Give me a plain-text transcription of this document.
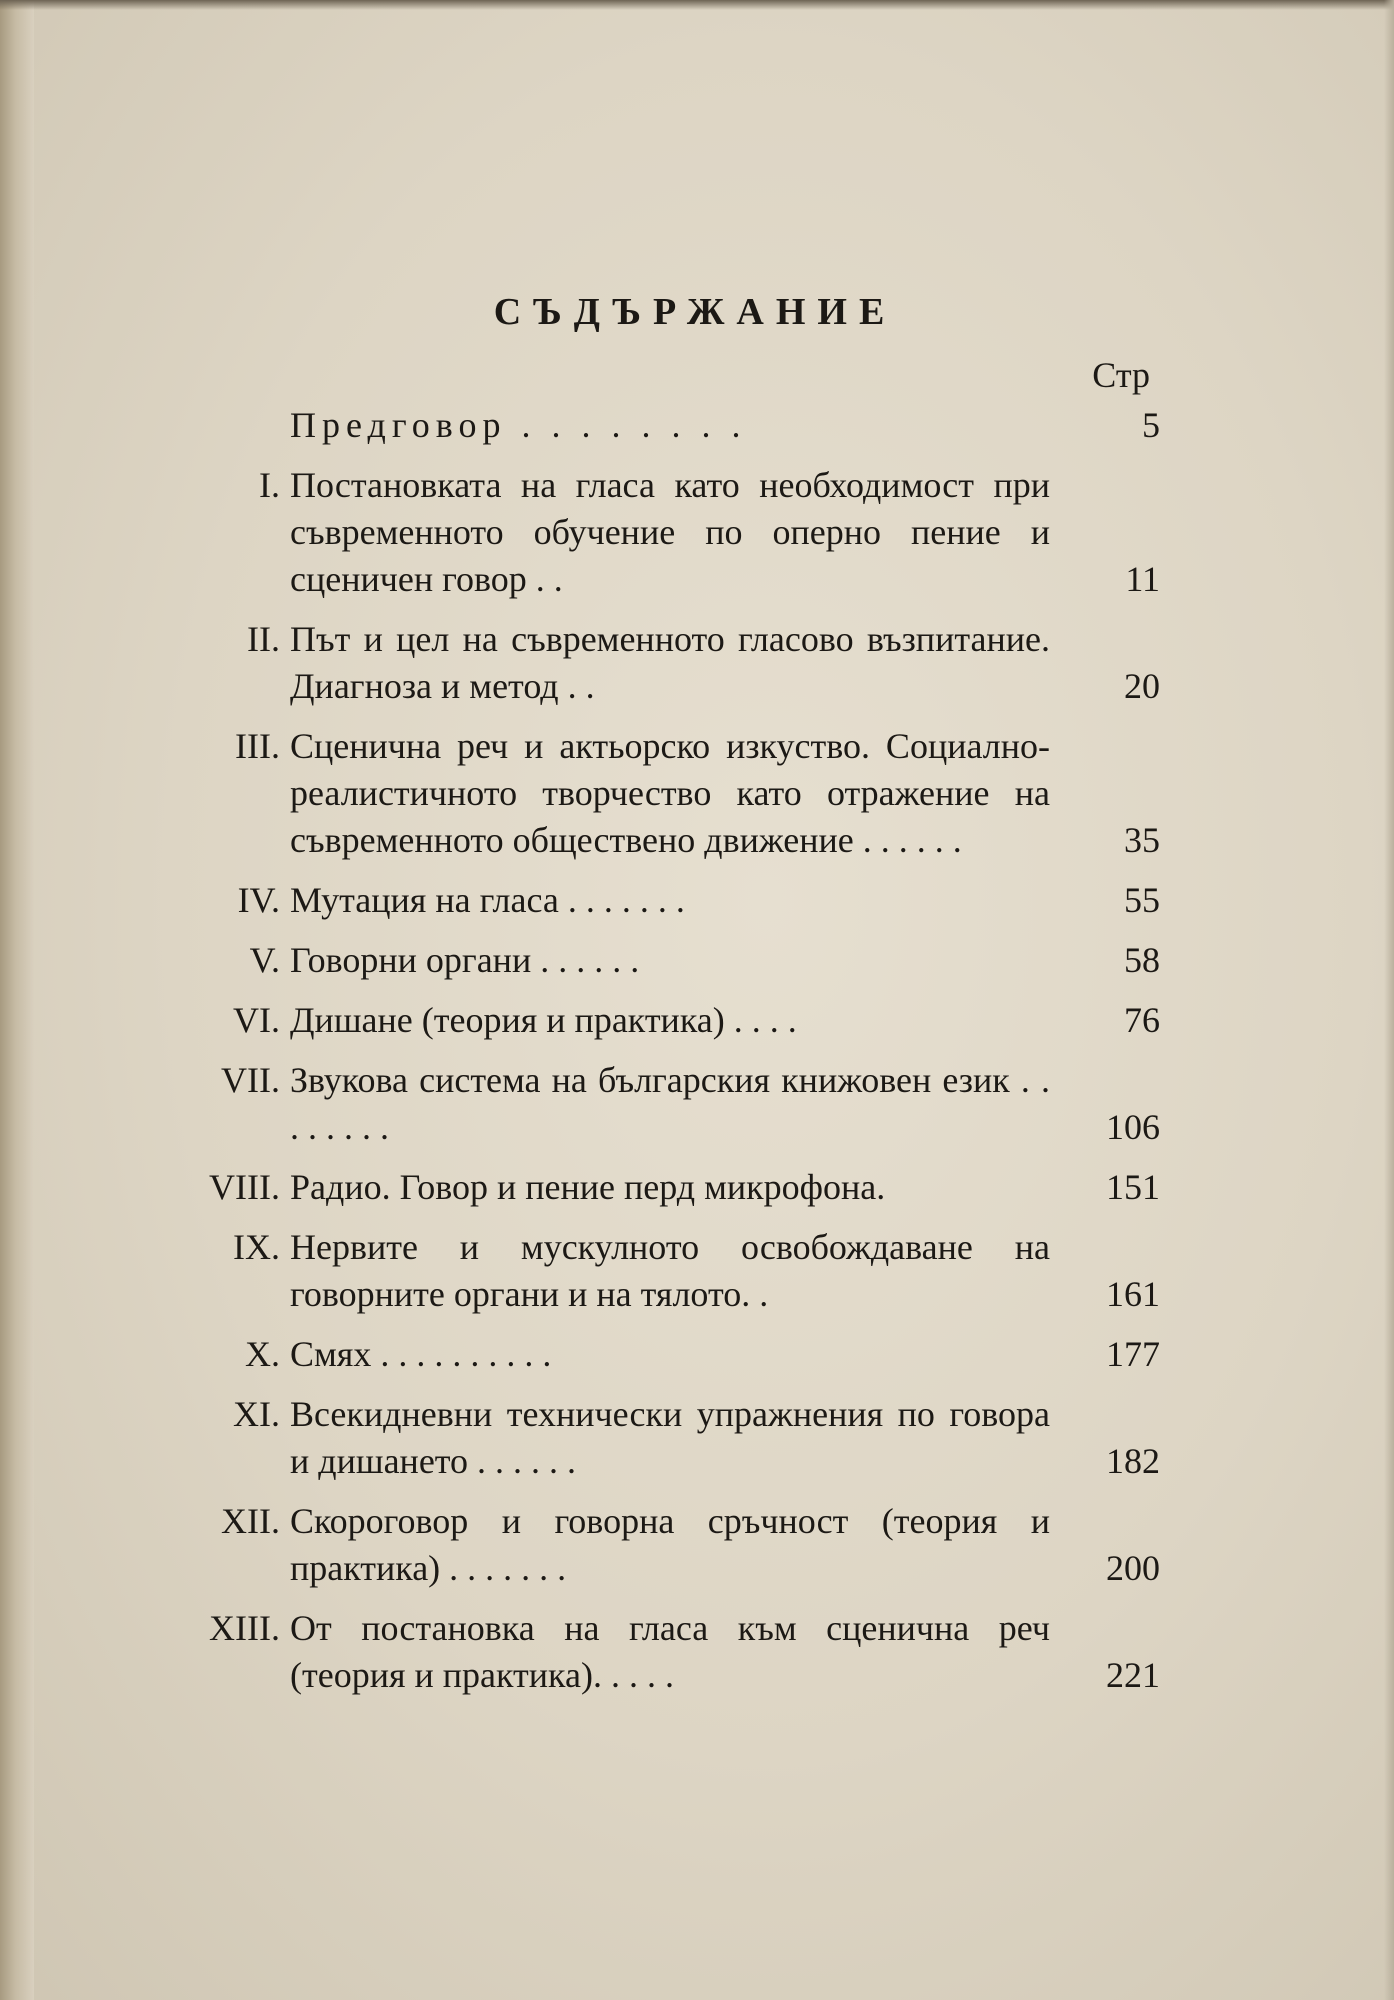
СЪДЪРЖАНИЕ
Стр
Предговор . . . . . . . .	5
I. Постановката на гласа като необходимост при съвременното обучение по оперно пение и сценичен говор . .	11
II. Път и цел на съвременното гласово възпитание. Диагноза и метод . .	20
III. Сценична реч и актьорско изкуство. Социално-реалистичното творчество като отражение на съвременното обществено движение . . . . . .	35
IV. Мутация на гласа . . . . . . .	55
V. Говорни органи . . . . . .	58
VI. Дишане (теория и практика) . . . .	76
VII. Звукова система на българския книжовен език . . . . . . . .	106
VIII. Радио. Говор и пение перд микрофона.	151
IX. Нервите и мускулното освобождаване на говорните органи и на тялото. .	161
X. Смях . . . . . . . . . .	177
XI. Всекидневни технически упражнения по говора и дишането . . . . . .	182
XII. Скороговор и говорна сръчност (теория и практика) . . . . . . .	200
XIII. От постановка на гласа към сценична реч (теория и практика). . . . .	221
